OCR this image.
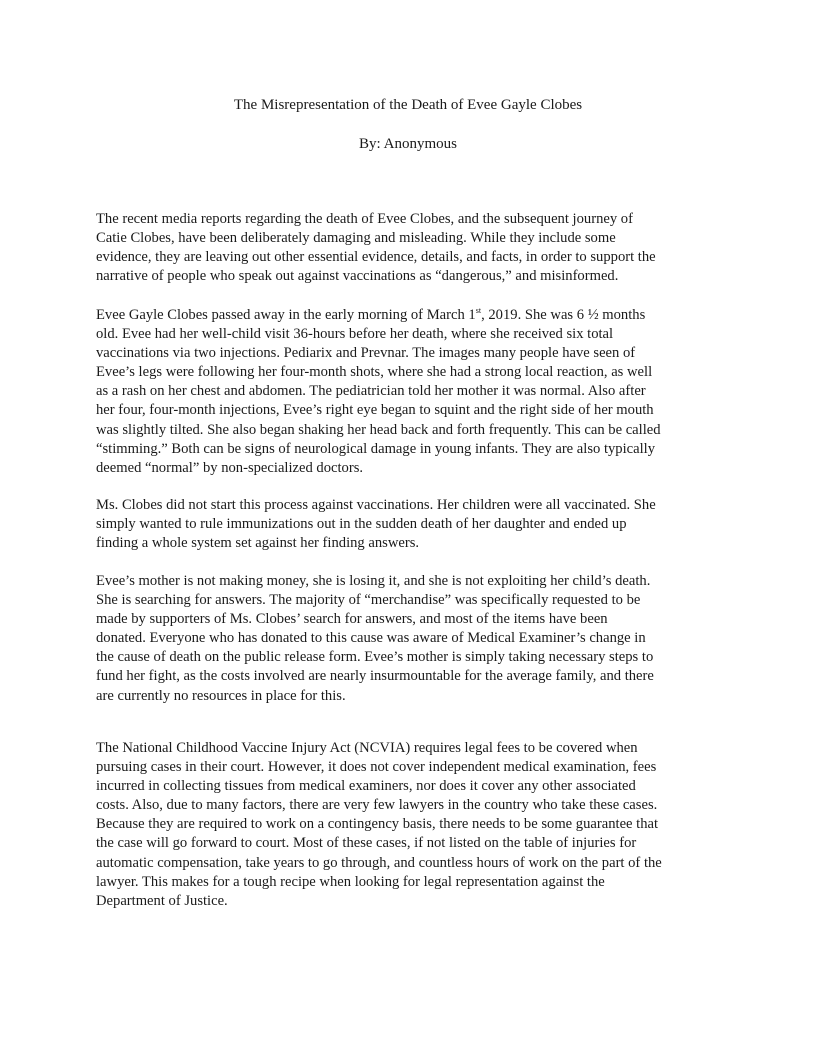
The Misrepresentation of the Death of Evee Gayle Clobes
By: Anonymous

The recent media reports regarding the death of Evee Clobes, and the subsequent journey of
Catie Clobes, have been deliberately damaging and misleading. While they include some
evidence, they are leaving out other essential evidence, details, and facts, in order to support the
narrative of people who speak out against vaccinations as “dangerous,” and misinformed.

Evee Gayle Clobes passed away in the early morning of March 1st, 2019. She was 6 ½ months
old. Evee had her well-child visit 36-hours before her death, where she received six total
vaccinations via two injections. Pediarix and Prevnar. The images many people have seen of
Evee’s legs were following her four-month shots, where she had a strong local reaction, as well
as a rash on her chest and abdomen. The pediatrician told her mother it was normal. Also after
her four, four-month injections, Evee’s right eye began to squint and the right side of her mouth
was slightly tilted. She also began shaking her head back and forth frequently. This can be called
“stimming.” Both can be signs of neurological damage in young infants. They are also typically
deemed “normal” by non-specialized doctors.

Ms. Clobes did not start this process against vaccinations. Her children were all vaccinated. She
simply wanted to rule immunizations out in the sudden death of her daughter and ended up
finding a whole system set against her finding answers.

Evee’s mother is not making money, she is losing it, and she is not exploiting her child’s death.
She is searching for answers. The majority of “merchandise” was specifically requested to be
made by supporters of Ms. Clobes’ search for answers, and most of the items have been
donated. Everyone who has donated to this cause was aware of Medical Examiner’s change in
the cause of death on the public release form. Evee’s mother is simply taking necessary steps to
fund her fight, as the costs involved are nearly insurmountable for the average family, and there
are currently no resources in place for this.

The National Childhood Vaccine Injury Act (NCVIA) requires legal fees to be covered when
pursuing cases in their court. However, it does not cover independent medical examination, fees
incurred in collecting tissues from medical examiners, nor does it cover any other associated
costs. Also, due to many factors, there are very few lawyers in the country who take these cases.
Because they are required to work on a contingency basis, there needs to be some guarantee that
the case will go forward to court. Most of these cases, if not listed on the table of injuries for
automatic compensation, take years to go through, and countless hours of work on the part of the
lawyer. This makes for a tough recipe when looking for legal representation against the
Department of Justice.
